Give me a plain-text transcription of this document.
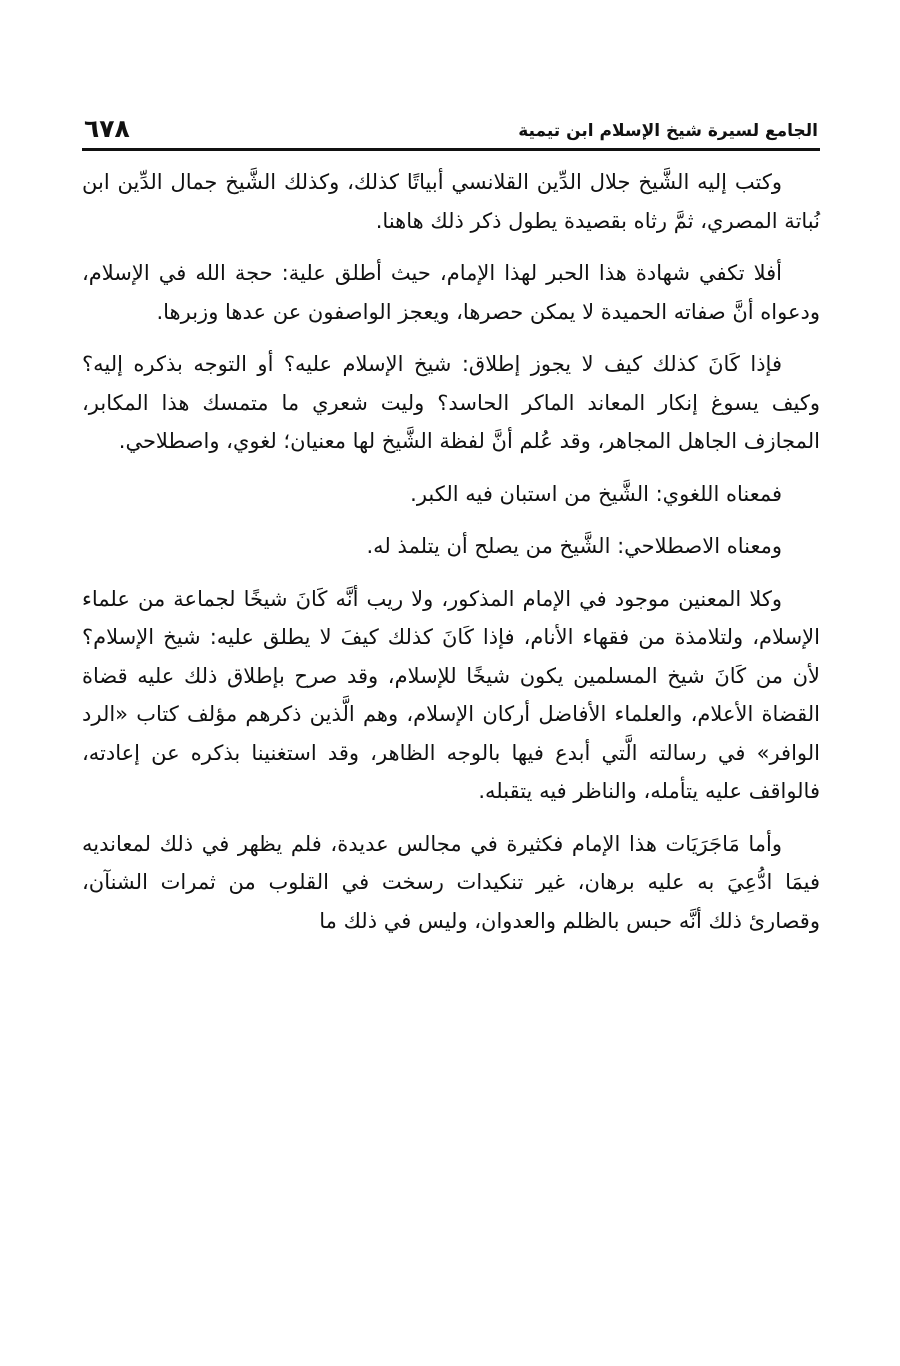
الجامع لسيرة شيخ الإسلام ابن تيمية
٦٧٨

وكتب إليه الشَّيخ جلال الدِّين القلانسي أبياتًا كذلك، وكذلك الشَّيخ جمال الدِّين ابن نُباتة المصري، ثمَّ رثاه بقصيدة يطول ذكر ذلك هاهنا.

أفلا تكفي شهادة هذا الحبر لهذا الإمام، حيث أطلق علية: حجة الله في الإسلام، ودعواه أنَّ صفاته الحميدة لا يمكن حصرها، ويعجز الواصفون عن عدها وزبرها.

فإذا كَانَ كذلك كيف لا يجوز إطلاق: شيخ الإسلام عليه؟ أو التوجه بذكره إليه؟ وكيف يسوغ إنكار المعاند الماكر الحاسد؟ وليت شعري ما متمسك هذا المكابر، المجازف الجاهل المجاهر، وقد عُلم أنَّ لفظة الشَّيخ لها معنيان؛ لغوي، واصطلاحي.

فمعناه اللغوي: الشَّيخ من استبان فيه الكبر.

ومعناه الاصطلاحي: الشَّيخ من يصلح أن يتلمذ له.

وكلا المعنين موجود في الإمام المذكور، ولا ريب أنَّه كَانَ شيخًا لجماعة من علماء الإسلام، ولتلامذة من فقهاء الأنام، فإذا كَانَ كذلك كيفَ لا يطلق عليه: شيخ الإسلام؟ لأن من كَانَ شيخ المسلمين يكون شيخًا للإسلام، وقد صرح بإطلاق ذلك عليه قضاة القضاة الأعلام، والعلماء الأفاضل أركان الإسلام، وهم الَّذين ذكرهم مؤلف كتاب «الرد الوافر» في رسالته الَّتي أبدع فيها بالوجه الظاهر، وقد استغنينا بذكره عن إعادته، فالواقف عليه يتأمله، والناظر فيه يتقبله.

وأما مَاجَرَيَات هذا الإمام فكثيرة في مجالس عديدة، فلم يظهر في ذلك لمعانديه فيمَا ادُّعِيَ به عليه برهان، غير تنكيدات رسخت في القلوب من ثمرات الشنآن، وقصارئ ذلك أنَّه حبس بالظلم والعدوان، وليس في ذلك ما
